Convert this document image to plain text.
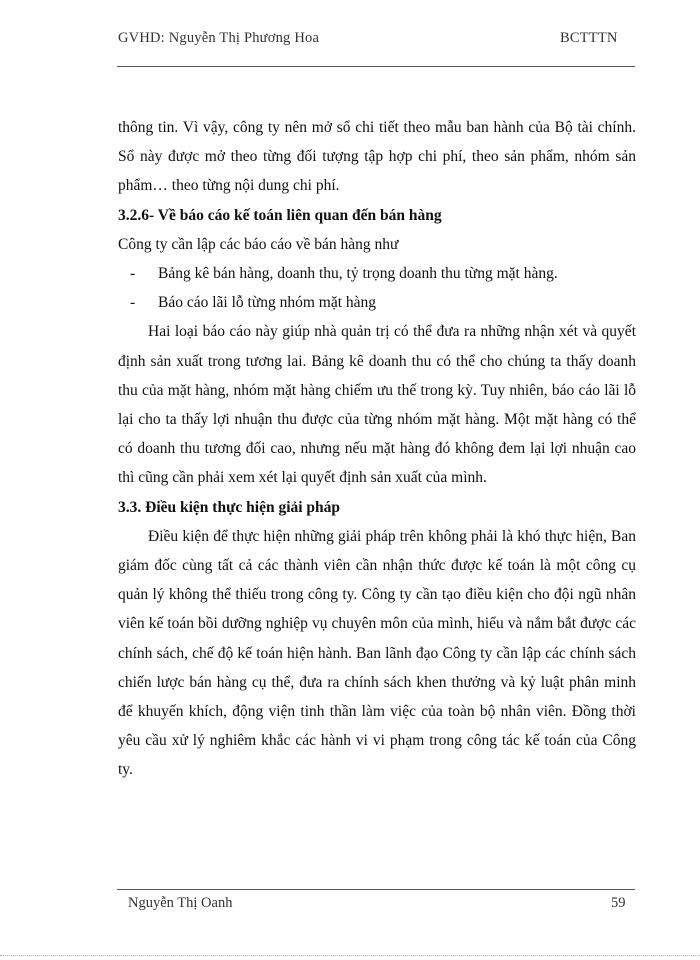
GVHD: Nguyễn Thị Phương Hoa	BCTTTN

thông tin. Vì vậy, công ty nên mở sổ chi tiết theo mẫu ban hành của Bộ tài chính. Sổ này được mở theo từng đối tượng tập hợp chi phí, theo sản phẩm, nhóm sản phẩm… theo từng nội dung chi phí.

3.2.6- Về báo cáo kế toán liên quan đến bán hàng

Công ty cần lập các báo cáo về bán hàng như

- Bảng kê bán hàng, doanh thu, tỷ trọng doanh thu từng mặt hàng.

- Báo cáo lãi lỗ từng nhóm mặt hàng

Hai loại báo cáo này giúp nhà quản trị có thể đưa ra những nhận xét và quyết định sản xuất trong tương lai. Bảng kê doanh thu có thể cho chúng ta thấy doanh thu của mặt hàng, nhóm mặt hàng chiếm ưu thế trong kỳ. Tuy nhiên, báo cáo lãi lỗ lại cho ta thấy lợi nhuận thu được của từng nhóm mặt hàng. Một mặt hàng có thể có doanh thu tương đối cao, nhưng nếu mặt hàng đó không đem lại lợi nhuận cao thì cũng cần phải xem xét lại quyết định sản xuất của mình.

3.3. Điều kiện thực hiện giải pháp

Điều kiện để thực hiện những giải pháp trên không phải là khó thực hiện, Ban giám đốc cùng tất cả các thành viên cần nhận thức được kế toán là một công cụ quản lý không thể thiếu trong công ty. Công ty cần tạo điều kiện cho đội ngũ nhân viên kế toán bồi dưỡng nghiệp vụ chuyên môn của mình, hiểu và nắm bắt được các chính sách, chế độ kế toán hiện hành. Ban lãnh đạo Công ty cần lập các chính sách chiến lược bán hàng cụ thể, đưa ra chính sách khen thưởng và kỷ luật phân minh để khuyến khích, động viện tinh thần làm việc của toàn bộ nhân viên. Đồng thời yêu cầu xử lý nghiêm khắc các hành vi vi phạm trong công tác kế toán của Công ty.

Nguyễn Thị Oanh	59
